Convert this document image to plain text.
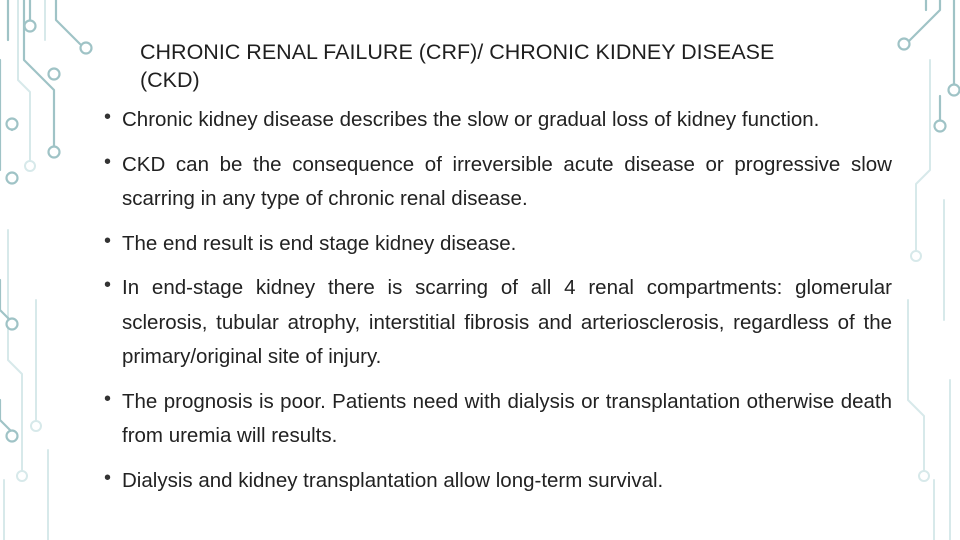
CHRONIC RENAL FAILURE (CRF)/ CHRONIC KIDNEY DISEASE (CKD)
• Chronic kidney disease describes the slow or gradual loss of kidney function.
• CKD can be the consequence of irreversible acute disease or progressive slow scarring in any type of chronic renal disease.
• The end result is end stage kidney disease.
• In end-stage kidney there is scarring of all 4 renal compartments: glomerular sclerosis, tubular atrophy, interstitial fibrosis and arteriosclerosis, regardless of the primary/original site of injury.
• The prognosis is poor. Patients need with dialysis or transplantation otherwise death from uremia will results.
• Dialysis and kidney transplantation allow long-term survival.
